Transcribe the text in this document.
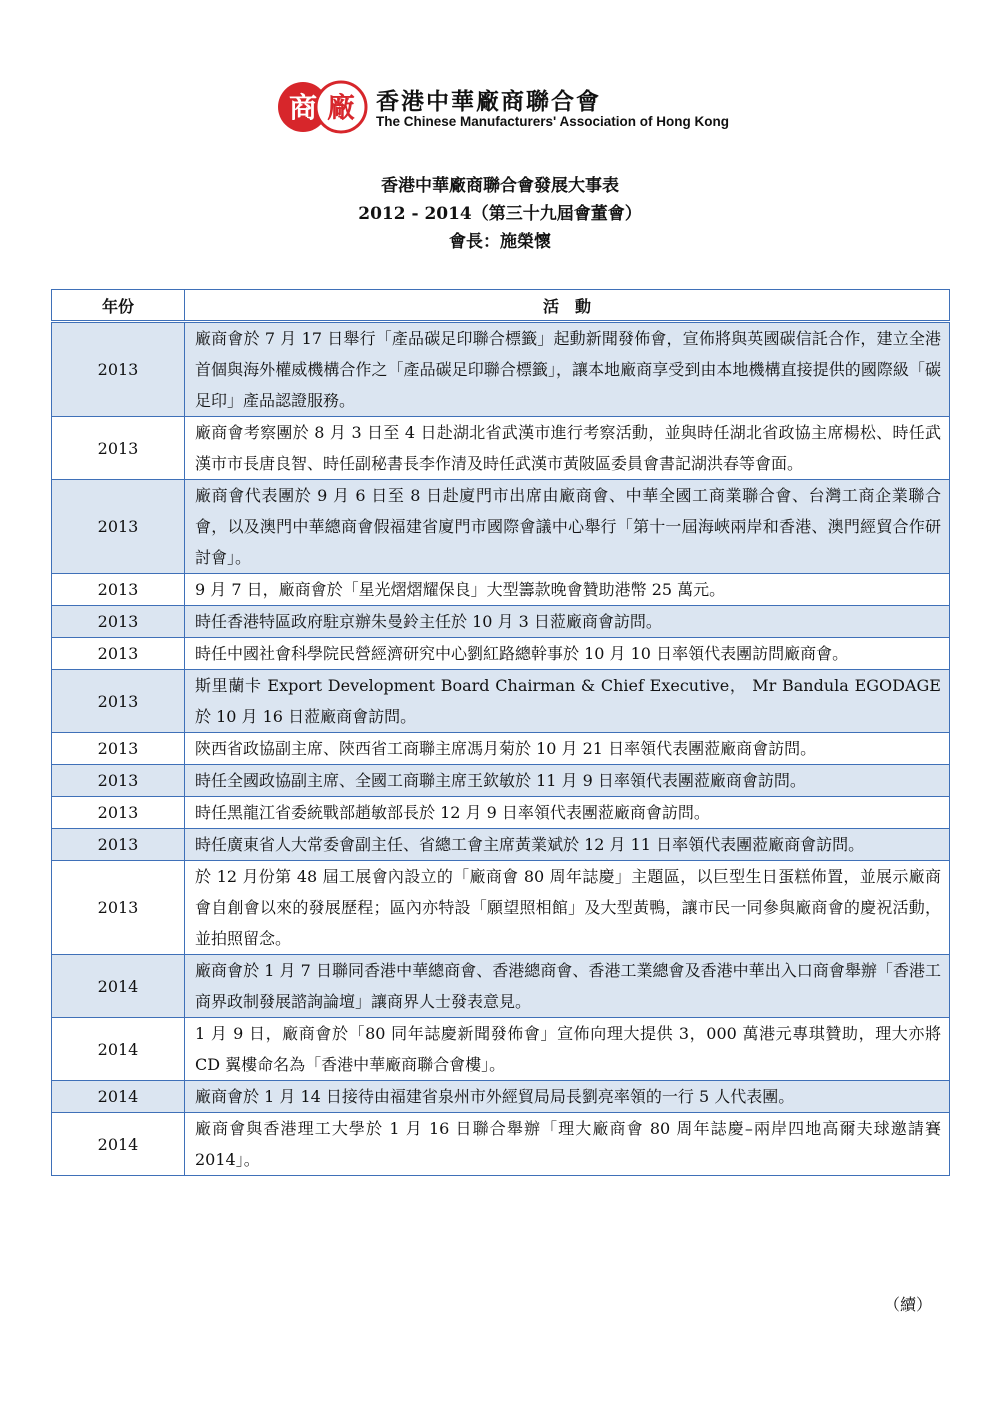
商 廠 香港中華廠商聯合會
The Chinese Manufacturers' Association of Hong Kong
香港中華廠商聯合會發展大事表
2012 - 2014（第三十九屆會董會）
會長：施榮懷
年份	活　動
2013	廠商會於 7 月 17 日舉行「產品碳足印聯合標籤」起動新聞發佈會，宣佈將與英國碳信託合作，建立全港首個與海外權威機構合作之「產品碳足印聯合標籤」，讓本地廠商享受到由本地機構直接提供的國際級「碳足印」產品認證服務。
2013	廠商會考察團於 8 月 3 日至 4 日赴湖北省武漢市進行考察活動，並與時任湖北省政協主席楊松、時任武漢市市長唐良智、時任副秘書長李作清及時任武漢市黃陂區委員會書記湖洪春等會面。
2013	廠商會代表團於 9 月 6 日至 8 日赴廈門市出席由廠商會、中華全國工商業聯合會、台灣工商企業聯合會，以及澳門中華總商會假福建省廈門市國際會議中心舉行「第十一屆海峽兩岸和香港、澳門經貿合作研討會」。
2013	9 月 7 日，廠商會於「星光熠熠耀保良」大型籌款晚會贊助港幣 25 萬元。
2013	時任香港特區政府駐京辦朱曼鈴主任於 10 月 3 日蒞廠商會訪問。
2013	時任中國社會科學院民營經濟研究中心劉紅路總幹事於 10 月 10 日率領代表團訪問廠商會。
2013	斯里蘭卡 Export Development Board Chairman & Chief Executive， Mr Bandula EGODAGE 於 10 月 16 日蒞廠商會訪問。
2013	陝西省政協副主席、陝西省工商聯主席馮月菊於 10 月 21 日率領代表團蒞廠商會訪問。
2013	時任全國政協副主席、全國工商聯主席王欽敏於 11 月 9 日率領代表團蒞廠商會訪問。
2013	時任黑龍江省委統戰部趙敏部長於 12 月 9 日率領代表團蒞廠商會訪問。
2013	時任廣東省人大常委會副主任、省總工會主席黃業斌於 12 月 11 日率領代表團蒞廠商會訪問。
2013	於 12 月份第 48 屆工展會內設立的「廠商會 80 周年誌慶」主題區，以巨型生日蛋糕佈置，並展示廠商會自創會以來的發展歷程；區內亦特設「願望照相館」及大型黃鴨，讓市民一同參與廠商會的慶祝活動，並拍照留念。
2014	廠商會於 1 月 7 日聯同香港中華總商會、香港總商會、香港工業總會及香港中華出入口商會舉辦「香港工商界政制發展諮詢論壇」讓商界人士發表意見。
2014	1 月 9 日，廠商會於「80 同年誌慶新聞發佈會」宣佈向理大提供 3，000 萬港元專琪贊助，理大亦將 CD 翼樓命名為「香港中華廠商聯合會樓」。
2014	廠商會於 1 月 14 日接待由福建省泉州市外經貿局局長劉亮率領的一行 5 人代表團。
2014	廠商會與香港理工大學於 1 月 16 日聯合舉辦「理大廠商會 80 周年誌慶–兩岸四地高爾夫球邀請賽 2014」。
（續）
